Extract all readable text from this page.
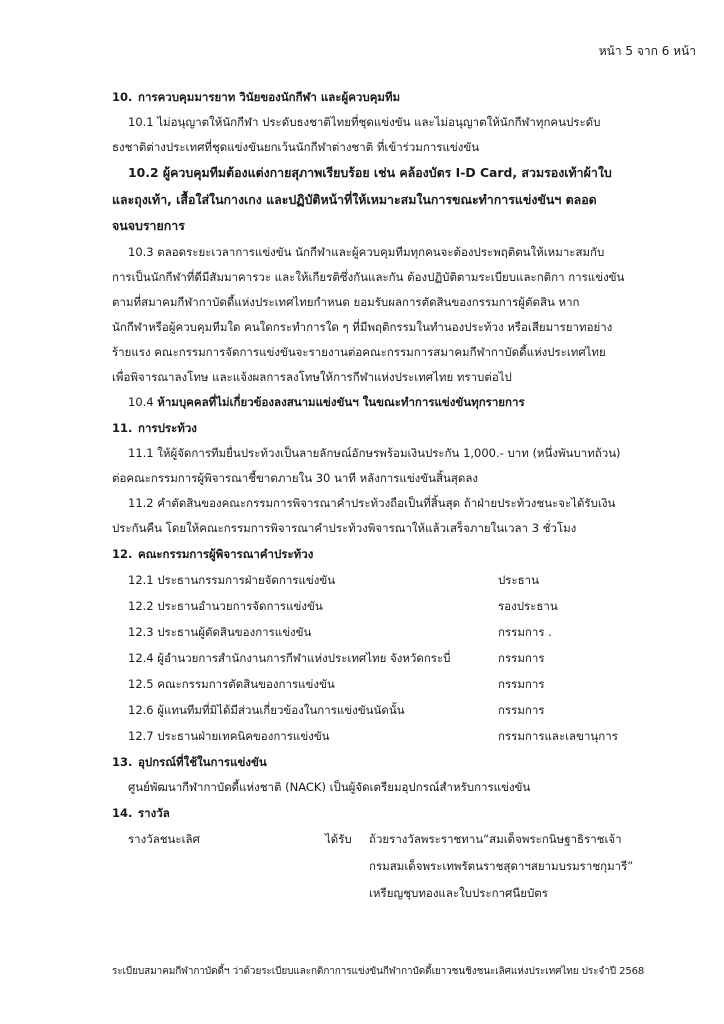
หน้า 5 จาก 6 หน้า

10. การควบคุมมารยาท วินัยของนักกีฬา และผู้ควบคุมทีม

10.1 ไม่อนุญาตให้นักกีฬา ประดับธงชาติไทยที่ชุดแข่งขัน และไม่อนุญาตให้นักกีฬาทุกคนประดับ

ธงชาติต่างประเทศที่ชุดแข่งขันยกเว้นนักกีฬาต่างชาติ ที่เข้าร่วมการแข่งขัน

10.2 ผู้ควบคุมทีมต้องแต่งกายสุภาพเรียบร้อย เช่น คล้องบัตร I-D Card, สวมรองเท้าผ้าใบ

และถุงเท้า, เสื้อใส่ในกางเกง และปฏิบัติหน้าที่ให้เหมาะสมในการขณะทำการแข่งขันฯ ตลอด

จนจบรายการ

10.3 ตลอดระยะเวลาการแข่งขัน นักกีฬาและผู้ควบคุมทีมทุกคนจะต้องประพฤติตนให้เหมาะสมกับ

การเป็นนักกีฬาที่ดีมีสัมมาคารวะ และให้เกียรติซึ่งกันและกัน ต้องปฏิบัติตามระเบียบและกติกา การแข่งขัน

ตามที่สมาคมกีฬากาบัดดี้แห่งประเทศไทยกำหนด ยอมรับผลการตัดสินของกรรมการผู้ตัดสิน หาก

นักกีฬาหรือผู้ควบคุมทีมใด คนใดกระทำการใด ๆ ที่มีพฤติกรรมในทำนองประท้วง หรือเสียมารยาทอย่าง

ร้ายแรง คณะกรรมการจัดการแข่งขันจะรายงานต่อคณะกรรมการสมาคมกีฬากาบัดดี้แห่งประเทศไทย

เพื่อพิจารณาลงโทษ และแจ้งผลการลงโทษให้การกีฬาแห่งประเทศไทย ทราบต่อไป

10.4 ห้ามบุคคลที่ไม่เกี่ยวข้องลงสนามแข่งขันฯ ในขณะทำการแข่งขันทุกรายการ

11. การประท้วง

11.1 ให้ผู้จัดการทีมยื่นประท้วงเป็นลายลักษณ์อักษรพร้อมเงินประกัน 1,000.- บาท (หนึ่งพันบาทถ้วน)

ต่อคณะกรรมการผู้พิจารณาชี้ขาดภายใน 30 นาที หลังการแข่งขันสิ้นสุดลง

11.2 คำตัดสินของคณะกรรมการพิจารณาคำประท้วงถือเป็นที่สิ้นสุด ถ้าฝ่ายประท้วงชนะจะได้รับเงิน

ประกันคืน โดยให้คณะกรรมการพิจารณาคำประท้วงพิจารณาให้แล้วเสร็จภายในเวลา 3 ชั่วโมง

12. คณะกรรมการผู้พิจารณาคำประท้วง

12.1 ประธานกรรมการฝ่ายจัดการแข่งขัน	ประธาน
12.2 ประธานอำนวยการจัดการแข่งขัน	รองประธาน
12.3 ประธานผู้ตัดสินของการแข่งขัน	กรรมการ .
12.4 ผู้อำนวยการสำนักงานการกีฬาแห่งประเทศไทย จังหวัดกระบี่	กรรมการ
12.5 คณะกรรมการตัดสินของการแข่งขัน	กรรมการ
12.6 ผู้แทนทีมที่มิได้มีส่วนเกี่ยวข้องในการแข่งขันนัดนั้น	กรรมการ
12.7 ประธานฝ่ายเทคนิคของการแข่งขัน	กรรมการและเลขานุการ

13. อุปกรณ์ที่ใช้ในการแข่งขัน

ศูนย์พัฒนากีฬากาบัดดี้แห่งชาติ (NACK) เป็นผู้จัดเตรียมอุปกรณ์สำหรับการแข่งขัน

14. รางวัล

รางวัลชนะเลิศ	ได้รับ ถ้วยรางวัลพระราชทาน“สมเด็จพระกนิษฐาธิราชเจ้า
กรมสมเด็จพระเทพรัตนราชสุดาฯสยามบรมราชกุมารี”
เหรียญชุบทองและใบประกาศนียบัตร
ระเบียบสมาคมกีฬากาบัดดี้ฯ ว่าด้วยระเบียบและกติกาการแข่งขันกีฬากาบัดดี้เยาวชนชิงชนะเลิศแห่งประเทศไทย ประจำปี 2568
